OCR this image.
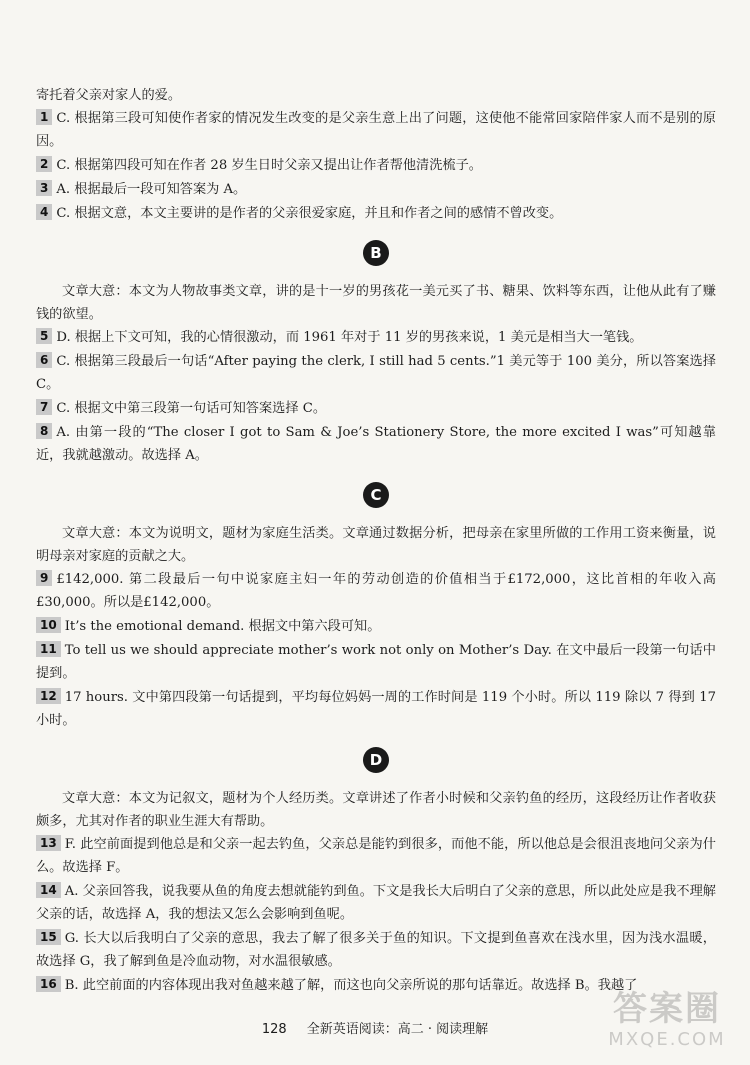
寄托着父亲对家人的爱。

1 C. 根据第三段可知使作者家的情况发生改变的是父亲生意上出了问题，这使他不能常回家陪伴家人而不是别的原因。

2 C. 根据第四段可知在作者 28 岁生日时父亲又提出让作者帮他清洗梳子。

3 A. 根据最后一段可知答案为 A。

4 C. 根据文意，本文主要讲的是作者的父亲很爱家庭，并且和作者之间的感情不曾改变。

B

文章大意：本文为人物故事类文章，讲的是十一岁的男孩花一美元买了书、糖果、饮料等东西，让他从此有了赚钱的欲望。

5 D. 根据上下文可知，我的心情很激动，而 1961 年对于 11 岁的男孩来说，1 美元是相当大一笔钱。

6 C. 根据第三段最后一句话“After paying the clerk, I still had 5 cents.”1 美元等于 100 美分，所以答案选择 C。

7 C. 根据文中第三段第一句话可知答案选择 C。

8 A. 由第一段的“The closer I got to Sam & Joe’s Stationery Store, the more excited I was”可知越靠近，我就越激动。故选择 A。

C

文章大意：本文为说明文，题材为家庭生活类。文章通过数据分析，把母亲在家里所做的工作用工资来衡量，说明母亲对家庭的贡献之大。

9 £142,000. 第二段最后一句中说家庭主妇一年的劳动创造的价值相当于£172,000，这比首相的年收入高£30,000。所以是£142,000。

10 It’s the emotional demand. 根据文中第六段可知。

11 To tell us we should appreciate mother’s work not only on Mother’s Day. 在文中最后一段第一句话中提到。

12 17 hours. 文中第四段第一句话提到，平均每位妈妈一周的工作时间是 119 个小时。所以 119 除以 7 得到 17 小时。

D

文章大意：本文为记叙文，题材为个人经历类。文章讲述了作者小时候和父亲钓鱼的经历，这段经历让作者收获颇多，尤其对作者的职业生涯大有帮助。

13 F. 此空前面提到他总是和父亲一起去钓鱼，父亲总是能钓到很多，而他不能，所以他总是会很沮丧地问父亲为什么。故选择 F。

14 A. 父亲回答我，说我要从鱼的角度去想就能钓到鱼。下文是我长大后明白了父亲的意思，所以此处应是我不理解父亲的话，故选择 A，我的想法又怎么会影响到鱼呢。

15 G. 长大以后我明白了父亲的意思，我去了解了很多关于鱼的知识。下文提到鱼喜欢在浅水里，因为浅水温暖，故选择 G，我了解到鱼是冷血动物，对水温很敏感。

16 B. 此空前面的内容体现出我对鱼越来越了解，而这也向父亲所说的那句话靠近。故选择 B。我越了

128 全新英语阅读：高二 · 阅读理解
答案圈
MXQE.COM
